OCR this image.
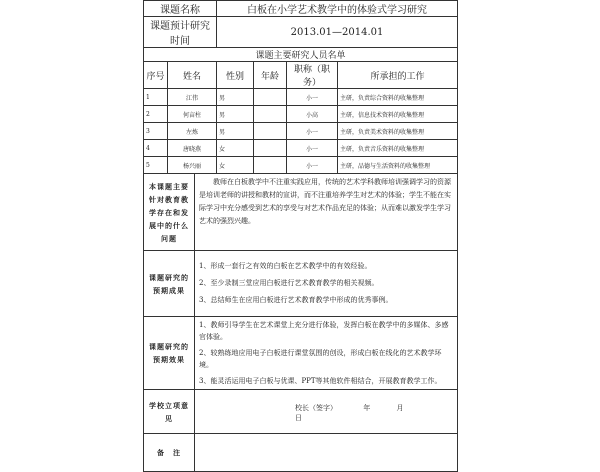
课题名称	白板在小学艺术教学中的体验式学习研究
课题预计研究时间	2013.01—2014.01
课题主要研究人员名单					
序号	姓名	性别	年龄	职称（职务）	所承担的工作
1	江伟	男		小一	主研，负责综合资料的收集整理
2	何亩柱	男		小高	主研，信息技术资料的收集整理
3	左炼	男		小一	主研，负责美术资料的收集整理
4	唐晓燕	女		小一	主研，负责音乐资料的收集整理
5	杨兴丽	女		小一	主研，品德与生活资料的收集整理
本课题主要针对教育教学存在和发展中的什么问题	教师在白板教学中不注重实践应用，传统的艺术学科教师培训强调学习的资源是培训老师的讲授和教材的宣讲，而不注重培养学生对艺术的体验；学生不能在实际学习中充分感受到艺术的享受与对艺术作品充足的体验；从而难以激发学生学习艺术的强烈兴趣。
课题研究的预期成果	1、形成一套行之有效的白板在艺术教学中的有效经验。
2、至少录制三堂应用白板进行艺术教育教学的相关视频。
3、总结师生在应用白板进行艺术教育教学中形成的优秀事例。

课题研究的预期效果	1、教师引导学生在艺术课堂上充分进行体验，发挥白板在教学中的多媒体、多感官体验。
2、较熟练地应用电子白板进行课堂氛围的创设，形成白板在线化的艺术教学环境。
3、能灵活运用电子白板与优课、PPT等其他软件相结合，开展教育教学工作。

学校立项意见	校长（签字） 年 月 日
备　注	
